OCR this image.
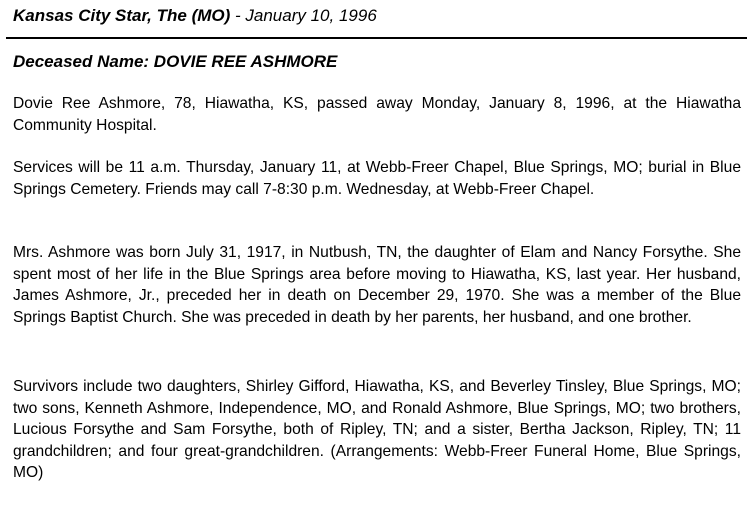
Kansas City Star, The (MO) - January 10, 1996
Deceased Name: DOVIE REE ASHMORE

Dovie Ree Ashmore, 78, Hiawatha, KS, passed away Monday, January 8, 1996, at the Hiawatha Community Hospital.

Services will be 11 a.m. Thursday, January 11, at Webb-Freer Chapel, Blue Springs, MO; burial in Blue Springs Cemetery. Friends may call 7-8:30 p.m. Wednesday, at Webb-Freer Chapel.

Mrs. Ashmore was born July 31, 1917, in Nutbush, TN, the daughter of Elam and Nancy Forsythe. She spent most of her life in the Blue Springs area before moving to Hiawatha, KS, last year. Her husband, James Ashmore, Jr., preceded her in death on December 29, 1970. She was a member of the Blue Springs Baptist Church. She was preceded in death by her parents, her husband, and one brother.

Survivors include two daughters, Shirley Gifford, Hiawatha, KS, and Beverley Tinsley, Blue Springs, MO; two sons, Kenneth Ashmore, Independence, MO, and Ronald Ashmore, Blue Springs, MO; two brothers, Lucious Forsythe and Sam Forsythe, both of Ripley, TN; and a sister, Bertha Jackson, Ripley, TN; 11 grandchildren; and four great-grandchildren. (Arrangements: Webb-Freer Funeral Home, Blue Springs, MO)
